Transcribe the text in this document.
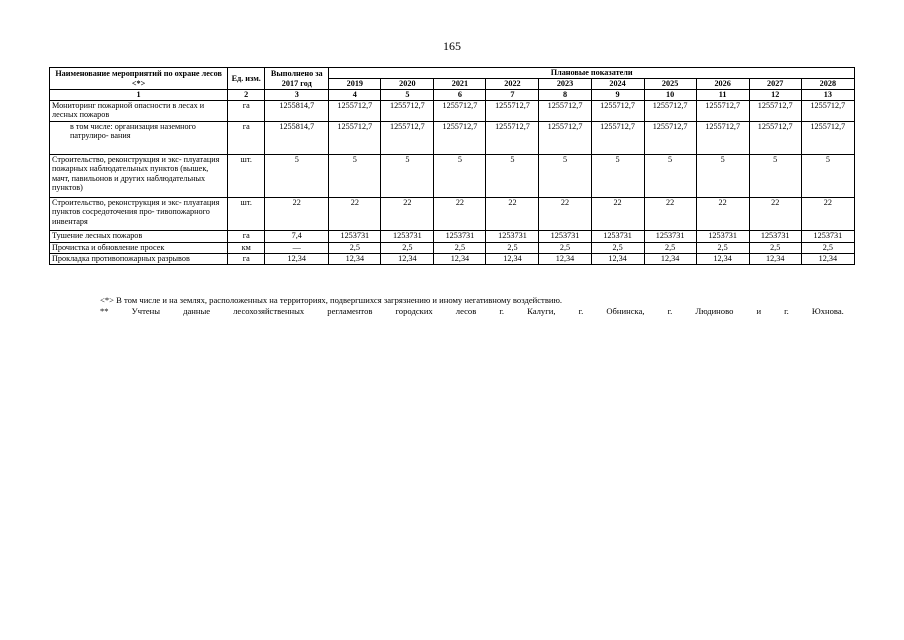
165
Наименование мероприятий по охране лесов <*>	Ед. изм.	Выполнено за 2017 год	Плановые показатели									
			2019	2020	2021	2022	2023	2024	2025	2026	2027	2028
1	2	3	4	5	6	7	8	9	10	11	12	13
Мониторинг пожарной опасности в лесах и лесных пожаров	га	1255814,7	1255712,7	1255712,7	1255712,7	1255712,7	1255712,7	1255712,7	1255712,7	1255712,7	1255712,7	1255712,7

в том числе: организация наземного патрулиро- вания	га	1255814,7	1255712,7	1255712,7	1255712,7	1255712,7	1255712,7	1255712,7	1255712,7	1255712,7	1255712,7	1255712,7
Строительство, реконструкция и экс- плуатация пожарных наблюдательных пунктов (вышек, мачт, павильонов и других наблюдательных пунктов)	шт.	5	5	5	5	5	5	5	5	5	5	5
Строительство, реконструкция и экс- плуатация пунктов сосредоточения про- тивопожарного инвентаря	шт.	22	22	22	22	22	22	22	22	22	22	22
Тушение лесных пожаров	га	7,4	1253731	1253731	1253731	1253731	1253731	1253731	1253731	1253731	1253731	1253731
Прочистка и обновление просек	км	—	2,5	2,5	2,5	2,5	2,5	2,5	2,5	2,5	2,5	2,5
Прокладка противопожарных разрывов	га	12,34	12,34	12,34	12,34	12,34	12,34	12,34	12,34	12,34	12,34	12,34
<*> В том числе и на землях, расположенных на территориях, подвергшихся загрязнению и иному негативному воздействию.
**	Учтены	данные	лесохозяйственных	регламентов	городских	лесов	г.	Калуги,	г.	Обнинска,	г.	Людиново	и	г.	Юхнова.
